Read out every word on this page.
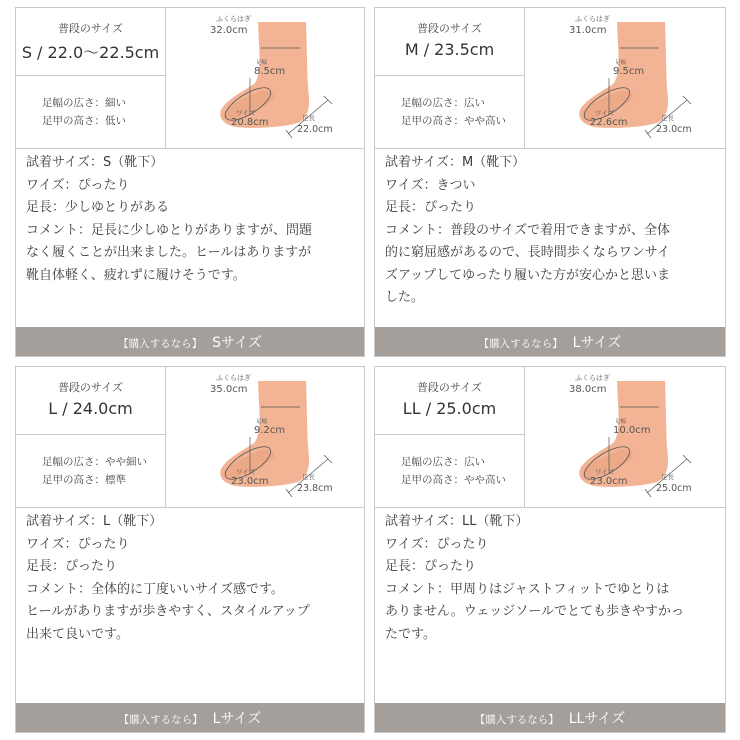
普段のサイズ
S / 22.0〜22.5cm
足幅の広さ：細い
足甲の高さ：低い
ふくらはぎ
32.0cm
足幅
8.5cm
ワイズ
20.8cm	足長
22.0cm

試着サイズ：S（靴下）

ワイズ：ぴったり

足長：少しゆとりがある

コメント：足長に少しゆとりがありますが、問題

なく履くことが出来ました。ヒールはありますが

靴自体軽く、疲れずに履けそうです。

【購入するなら】 Sサイズ
普段のサイズ
M / 23.5cm
足幅の広さ：広い
足甲の高さ：やや高い
ふくらはぎ
31.0cm
足幅
9.5cm
ワイズ
22.6cm	足長
23.0cm

試着サイズ：M（靴下）

ワイズ：きつい

足長：ぴったり

コメント：普段のサイズで着用できますが、全体

的に窮屈感があるので、長時間歩くならワンサイ

ズアップしてゆったり履いた方が安心かと思いま

した。

【購入するなら】 Lサイズ
普段のサイズ
L / 24.0cm
足幅の広さ：やや細い
足甲の高さ：標準
ふくらはぎ
35.0cm
足幅
9.2cm
ワイズ
23.0cm	足長
23.8cm

試着サイズ：L（靴下）

ワイズ：ぴったり

足長：ぴったり

コメント：全体的に丁度いいサイズ感です。

ヒールがありますが歩きやすく、スタイルアップ

出来て良いです。

【購入するなら】 Lサイズ
普段のサイズ
LL / 25.0cm
足幅の広さ：広い
足甲の高さ：やや高い
ふくらはぎ
38.0cm
足幅
10.0cm
ワイズ
23.0cm	足長
25.0cm

試着サイズ：LL（靴下）

ワイズ：ぴったり

足長：ぴったり

コメント：甲周りはジャストフィットでゆとりは

ありません。ウェッジソールでとても歩きやすかっ

たです。

【購入するなら】 LLサイズ
